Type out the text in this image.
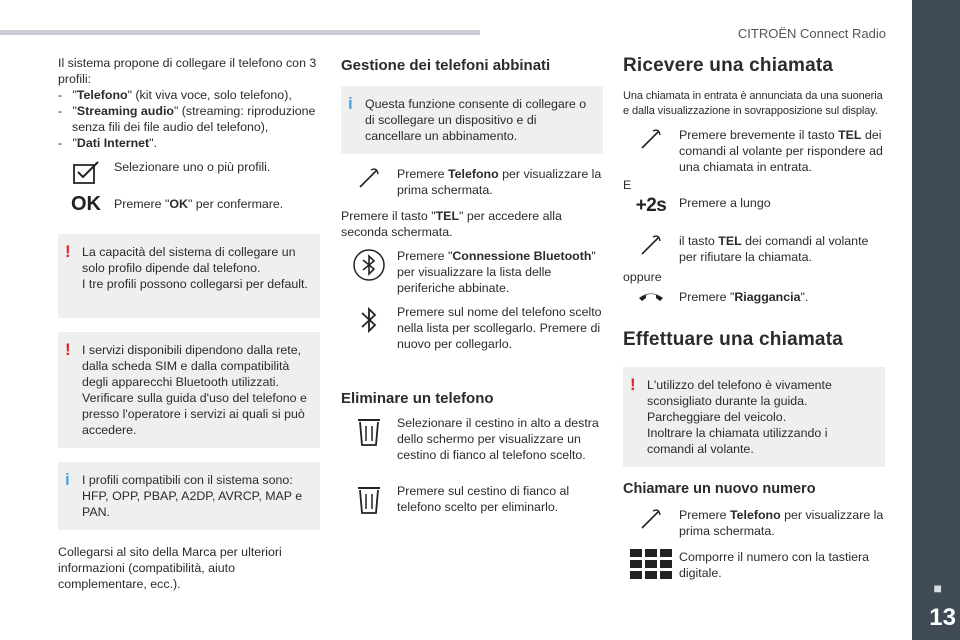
CITROËN Connect Radio
■
13

Il sistema propone di collegare il telefono con 3 profili:

- "Telefono" (kit viva voce, solo telefono),

- "Streaming audio" (streaming: riproduzione senza fili dei file audio del telefono),

- "Dati Internet".

Selezionare uno o più profili.

OK Premere "OK" per confermare.

! La capacità del sistema di collegare un solo profilo dipende dal telefono.

I tre profili possono collegarsi per default.

! I servizi disponibili dipendono dalla rete, dalla scheda SIM e dalla compatibilità degli apparecchi Bluetooth utilizzati. Verificare sulla guida d'uso del telefono e presso l'operatore i servizi ai quali si può accedere.

i I profili compatibili con il sistema sono: HFP, OPP, PBAP, A2DP, AVRCP, MAP e PAN.

Collegarsi al sito della Marca per ulteriori informazioni (compatibilità, aiuto complementare, ecc.).

Gestione dei telefoni abbinati
i Questa funzione consente di collegare o di scollegare un dispositivo e di cancellare un abbinamento.

Premere Telefono per visualizzare la prima schermata.

Premere il tasto "TEL" per accedere alla seconda schermata.

Premere "Connessione Bluetooth" per visualizzare la lista delle periferiche abbinate.

Premere sul nome del telefono scelto nella lista per scollegarlo. Premere di nuovo per collegarlo.

Eliminare un telefono

Selezionare il cestino in alto a destra dello schermo per visualizzare un cestino di fianco al telefono scelto.

Premere sul cestino di fianco al telefono scelto per eliminarlo.

Ricevere una chiamata

Una chiamata in entrata è annunciata da una suoneria e dalla visualizzazione in sovrapposizione sul display.

Premere brevemente il tasto TEL dei comandi al volante per rispondere ad una chiamata in entrata.

E

+2s Premere a lungo

il tasto TEL dei comandi al volante per rifiutare la chiamata.

oppure

Premere "Riaggancia".

Effettuare una chiamata
! L'utilizzo del telefono è vivamente sconsigliato durante la guida.

Parcheggiare del veicolo.

Inoltrare la chiamata utilizzando i comandi al volante.

Chiamare un nuovo numero

Premere Telefono per visualizzare la prima schermata.

Comporre il numero con la tastiera digitale.
